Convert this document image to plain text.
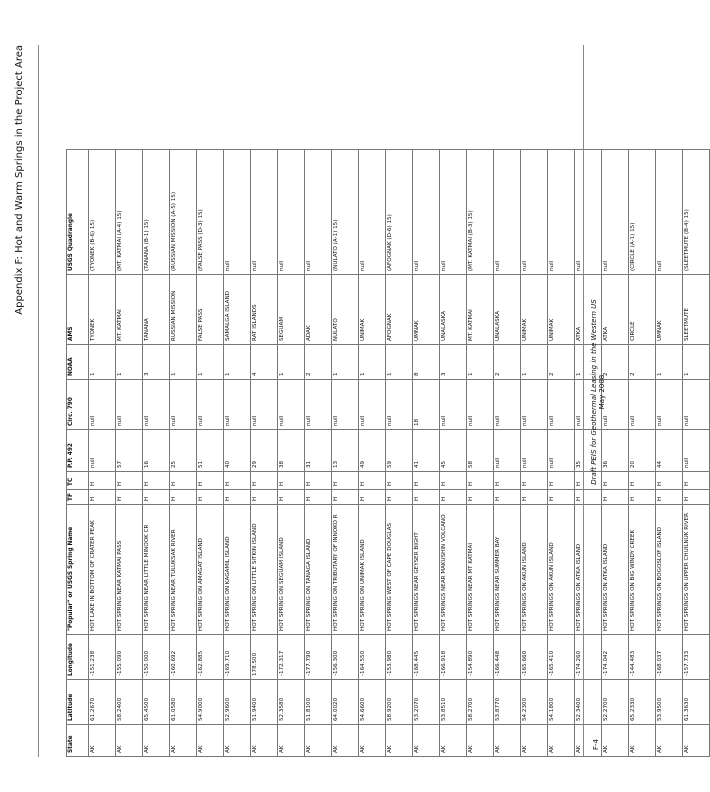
Appendix F: Hot and Warm Springs in the Project Area
State	Latitude	Longitude	"Popular" or USGS Spring Name	TF	TC	P.P. 492	Circ. 790	NOAA	AMS	USGS Quadrangle
AK	61.2670	-151.238	HOT LAKE IN BOTTOM OF CRATER PEAK	H	H	null	null	1	TYONEK	(TYONEK (B-6) 15)
AK	58.2400	-155.090	HOT SPRING NEAR KATMAI PASS	H	H	57	null	1	MT. KATMAI	(MT. KATMAI (A-4) 15)
AK	65.4500	-150.000	HOT SPRING NEAR LITTLE MINOOK CR	H	H	16	null	3	TANANA	(TANANA (B-1) 15)
AK	61.0580	-160.692	HOT SPRING NEAR TULUKSAK RIVER	H	H	25	null	1	RUSSIAN MISSION	(RUSSIAN MISSION (A-5) 15)
AK	54.9000	-162.885	HOT SPRING ON AMAGAT ISLAND	H	H	51	null	1	FALSE PASS	(FALSE PASS (D-3) 15)
AK	52.9600	-169.710	HOT SPRING ON KAGAMIL ISLAND	H	H	40	null	1	SAMALGA ISLAND	null
AK	51.9400	178.500	HOT SPRING ON LITTLE SITKIN ISLAND	H	H	29	null	4	RAT ISLANDS	null
AK	52.3580	-172.317	HOT SPRING ON SEGUAM ISLAND	H	H	38	null	1	SEGUAM	null
AK	51.8100	-177.790	HOT SPRING ON TANAGA ISLAND	H	H	31	null	2	ADAK	null
AK	64.0020	-156.300	HOT SPRING ON TRIBUTARY OF INNOKO R	H	H	13	null	1	NULATO	(NULATO (A-1) 15)
AK	54.6600	-164.550	HOT SPRING ON UNIMAK ISLAND	H	H	49	null	1	UNIMAK	null
AK	58.9200	-153.980	HOT SPRING WEST OF CAPE DOUGLAS	H	H	59	null	1	AFOGNAK	(AFOGNAK (D-6) 15)
AK	53.2070	-168.445	HOT SPRINGS NEAR GEYSER BIGHT	H	H	41	18	8	UMNAK	null
AK	53.8510	-166.918	HOT SPRINGS NEAR MAKUSHIN VOLCANO	H	H	45	null	3	UNALASKA	null
AK	58.2700	-154.890	HOT SPRINGS NEAR MT KATMAI	H	H	58	null	1	MT. KATMAI	(MT. KATMAI (B-3) 15)
AK	53.8770	-166.448	HOT SPRINGS NEAR SUMMER BAY	H	H	null	null	2	UNALASKA	null
AK	54.2300	-165.660	HOT SPRINGS ON AKUN ISLAND	H	H	null	null	1	UNIMAK	null
AK	54.1800	-165.410	HOT SPRINGS ON AKUN ISLAND	H	H	null	null	2	UNIMAK	null
AK	52.3400	-174.260	HOT SPRINGS ON ATKA ISLAND	H	H	35	null	1	ATKA	null
AK	52.2700	-174.042	HOT SPRINGS ON ATKA ISLAND	H	H	36	null	2	ATKA	null
AK	65.2330	-144.483	HOT SPRINGS ON BIG WINDY CREEK	H	H	20	null	2	CIRCLE	(CIRCLE (A-1) 15)
AK	53.9500	-168.037	HOT SPRINGS ON BOGOSLOF ISLAND	H	H	44	null	1	UMNAK	null
AK	61.3630	-157.733	HOT SPRINGS ON UPPER CHUILNUK RIVER	H	H	null	null	1	SLEETMUTE	(SLEETMUTE (B-4) 15)
F-4
Draft PEIS for Geothermal Leasing in the Western US
May 2008
